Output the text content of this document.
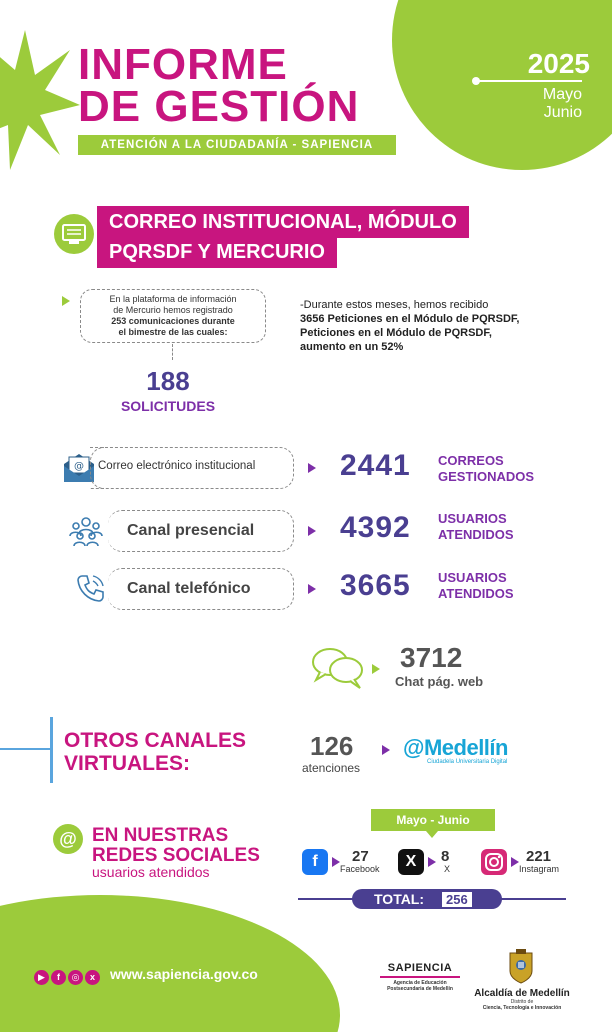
INFORME
DE GESTIÓN
ATENCIÓN A LA CIUDADANÍA - SAPIENCIA
2025
Mayo
Junio
CORREO INSTITUCIONAL, MÓDULO
PQRSDF Y MERCURIO
En la plataforma de información
de Mercurio hemos registrado
253 comunicaciones durante
el bimestre de las cuales:
188
SOLICITUDES
-Durante estos meses, hemos recibido
3656 Peticiones en el Módulo de PQRSDF,
Peticiones en el Módulo de PQRSDF,
aumento en un 52%
@ Correo electrónico institucional	2441 CORREOS
GESTIONADOS
Canal presencial	4392 USUARIOS
ATENDIDOS
Canal telefónico	3665 USUARIOS
ATENDIDOS
3712
Chat pág. web
OTROS CANALES
VIRTUALES:
126
atenciones
@Medellín
Ciudadela Universitaria Digital
@ EN NUESTRAS
REDES SOCIALES
usuarios atendidos
Mayo - Junio
f	27
Facebook	X	8
X
221
Instagram
TOTAL:	256
▶ f ◎ x	www.sapiencia.gov.co	SAPIENCIA
Agencia de Educación
Postsecundaria de Medellín	Alcaldía de Medellín
Distrito de
Ciencia, Tecnología e Innovación
